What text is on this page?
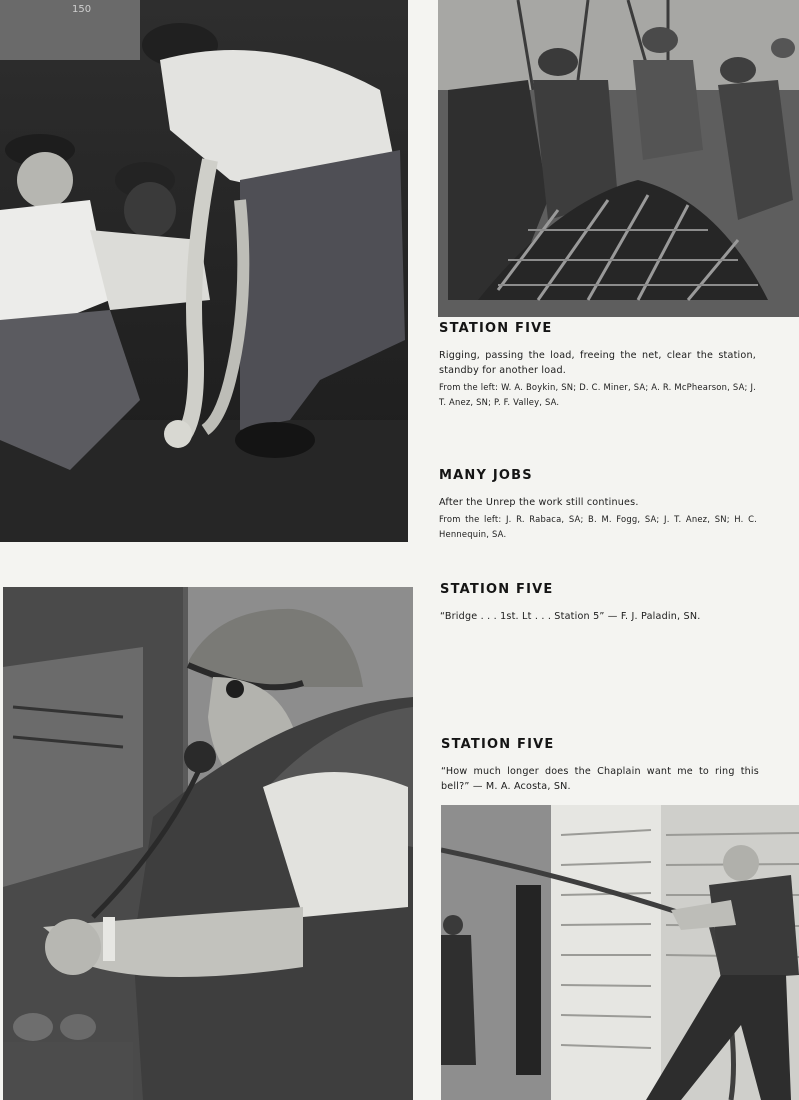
150
STATION FIVE

Rigging, passing the load, freeing the net, clear the station, standby for another load.

From the left: W. A. Boykin, SN; D. C. Miner, SA; A. R. McPhearson, SA; J. T. Anez, SN; P. F. Valley, SA.

MANY JOBS

After the Unrep the work still continues.

From the left: J. R. Rabaca, SA; B. M. Fogg, SA; J. T. Anez, SN; H. C. Hennequin, SA.

STATION FIVE

“Bridge . . . 1st. Lt . . . Station 5” — F. J. Paladin, SN.

STATION FIVE

“How much longer does the Chaplain want me to ring this bell?” — M. A. Acosta, SN.
